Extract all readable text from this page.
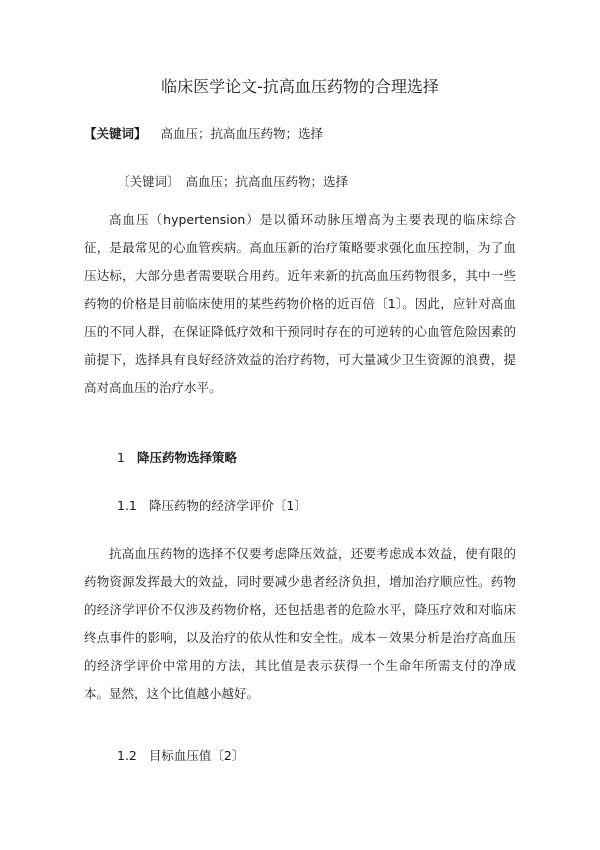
临床医学论文-抗高血压药物的合理选择
【关键词】 高血压；抗高血压药物；选择
〔关键词〕 高血压；抗高血压药物；选择

高血压（hypertension）是以循环动脉压增高为主要表现的临床综合征，是最常见的心血管疾病。高血压新的治疗策略要求强化血压控制，为了血压达标，大部分患者需要联合用药。近年来新的抗高血压药物很多，其中一些药物的价格是目前临床使用的某些药物价格的近百倍〔1〕。因此，应针对高血压的不同人群，在保证降低疗效和干预同时存在的可逆转的心血管危险因素的前提下，选择具有良好经济效益的治疗药物，可大量减少卫生资源的浪费，提高对高血压的治疗水平。

1 降压药物选择策略
1.1 降压药物的经济学评价〔1〕

抗高血压药物的选择不仅要考虑降压效益，还要考虑成本效益，使有限的药物资源发挥最大的效益，同时要减少患者经济负担，增加治疗顺应性。药物的经济学评价不仅涉及药物价格，还包括患者的危险水平，降压疗效和对临床终点事件的影响，以及治疗的依从性和安全性。成本－效果分析是治疗高血压的经济学评价中常用的方法，其比值是表示获得一个生命年所需支付的净成本。显然，这个比值越小越好。

1.2 目标血压值〔2〕
